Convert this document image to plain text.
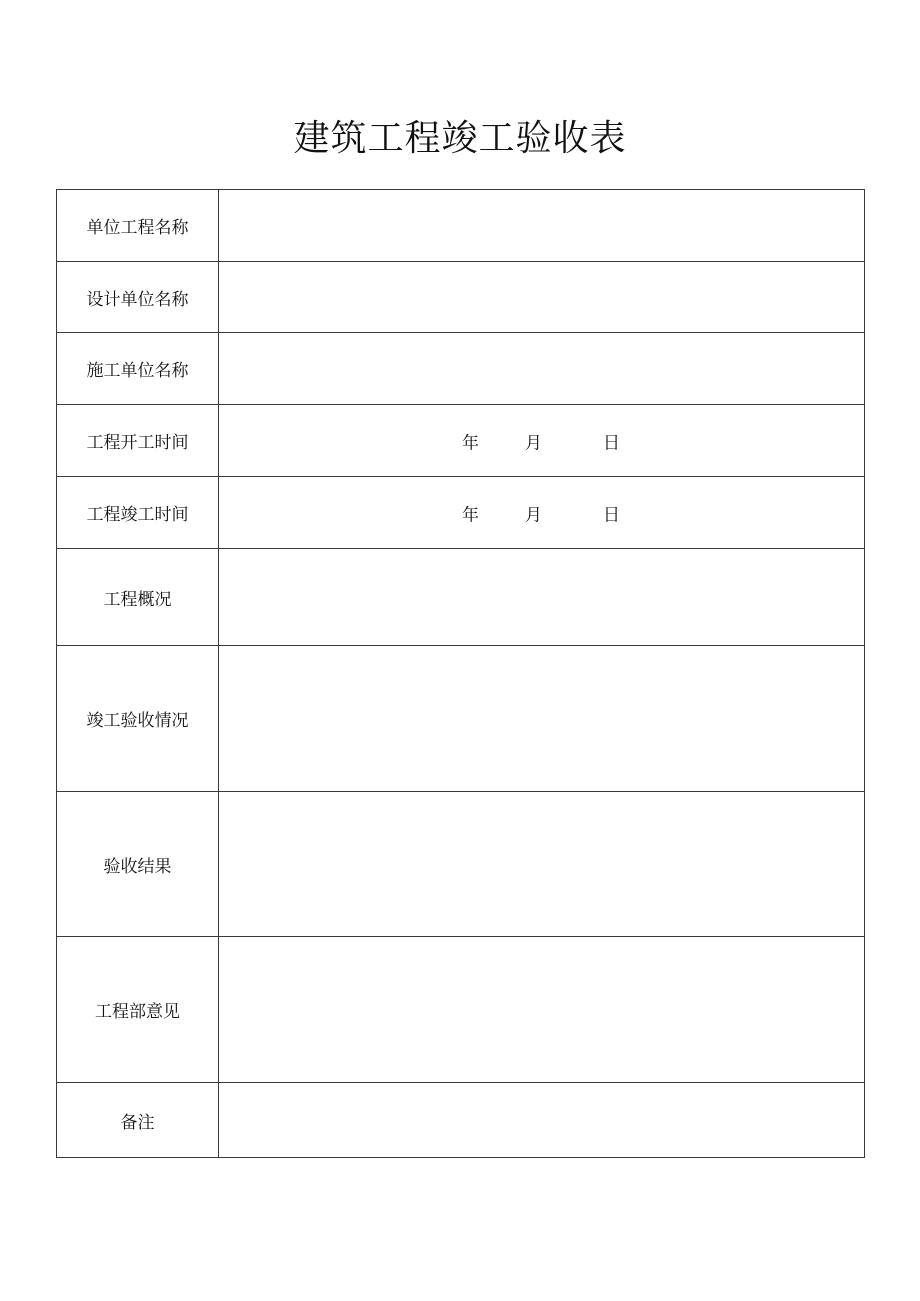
建筑工程竣工验收表
单位工程名称	
设计单位名称	
施工单位名称	
工程开工时间	年 月 日

工程竣工时间	年 月 日

工程概况	
竣工验收情况	
验收结果	
工程部意见	
备注	
